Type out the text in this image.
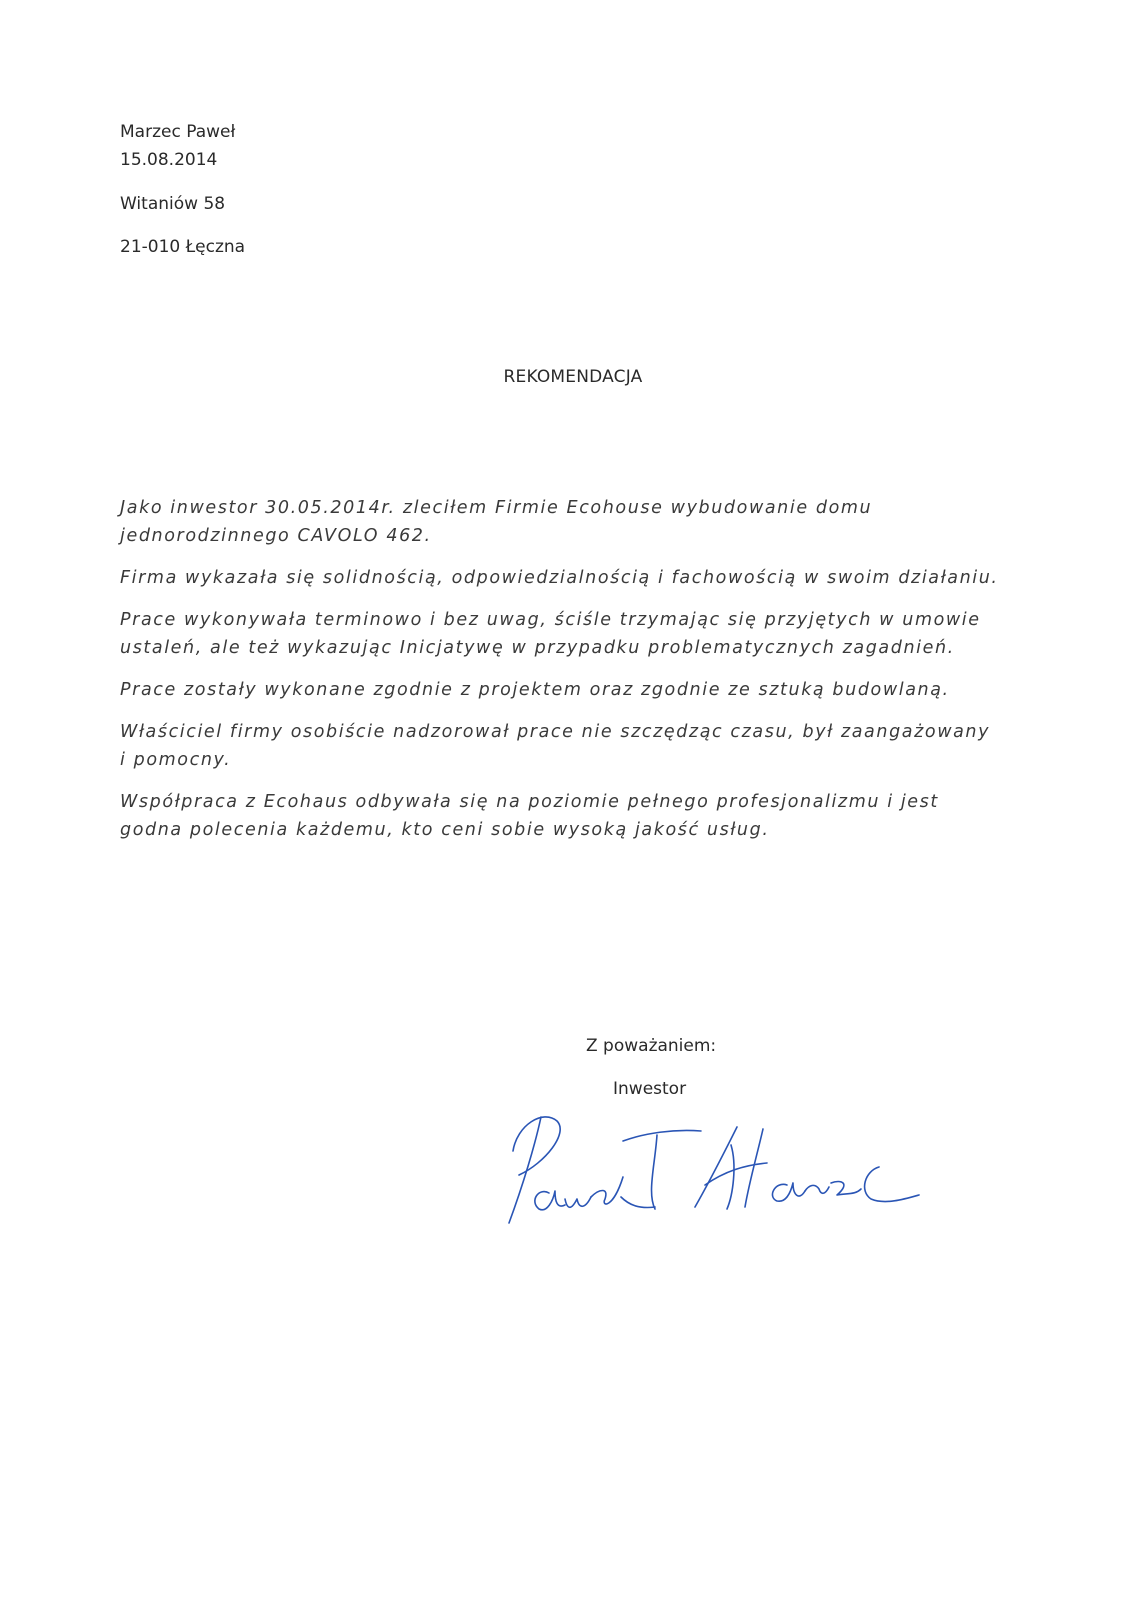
Marzec Paweł
15.08.2014
Witaniów 58
21-010 Łęczna
REKOMENDACJA

Jako inwestor 30.05.2014r. zleciłem Firmie Ecohouse wybudowanie domu jednorodzinnego CAVOLO 462.

Firma wykazała się solidnością, odpowiedzialnością i fachowością w swoim działaniu.

Prace wykonywała terminowo i bez uwag, ściśle trzymając się przyjętych w umowie ustaleń, ale też wykazując Inicjatywę w przypadku problematycznych zagadnień.

Prace zostały wykonane zgodnie z projektem oraz zgodnie ze sztuką budowlaną.

Właściciel firmy osobiście nadzorował prace nie szczędząc czasu, był zaangażowany i pomocny.

Współpraca z Ecohaus odbywała się na poziomie pełnego profesjonalizmu i jest godna polecenia każdemu, kto ceni sobie wysoką jakość usług.

Z poważaniem:
Inwestor
